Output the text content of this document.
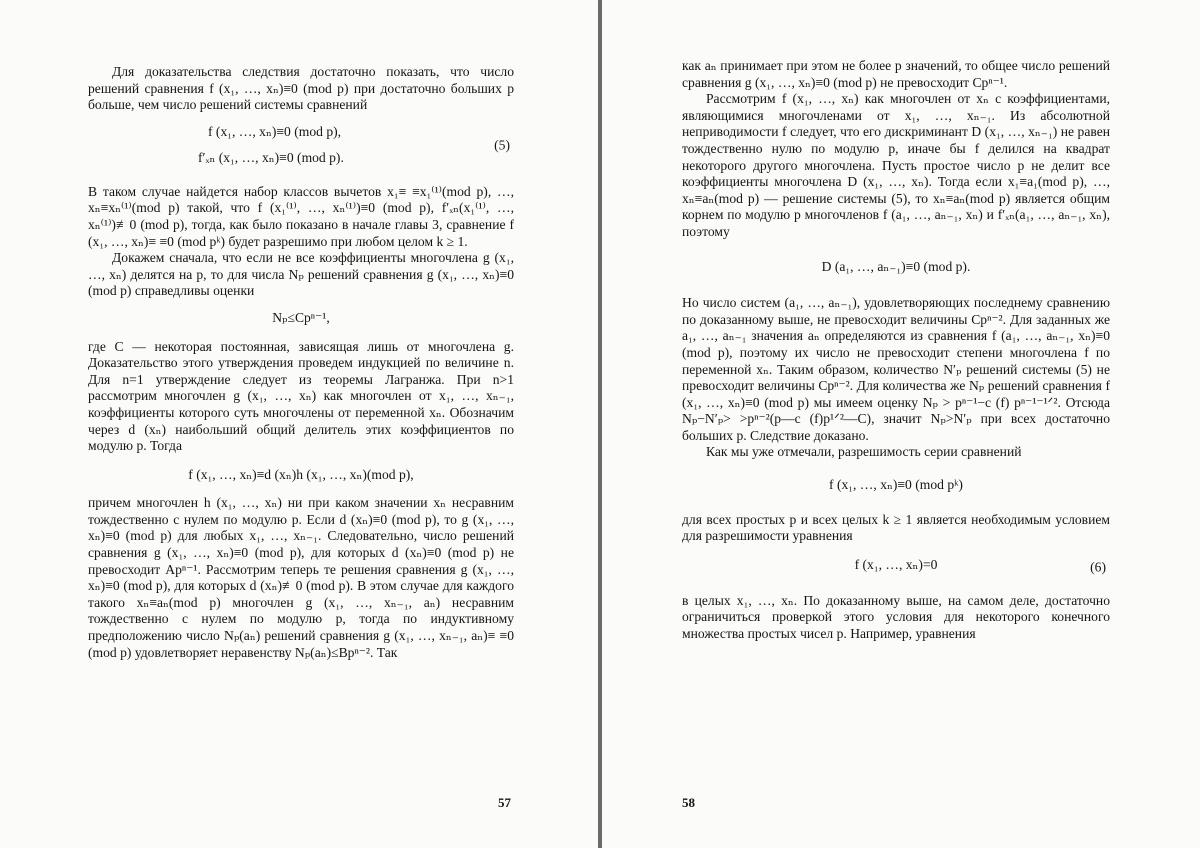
Для доказательства следствия достаточно показать, что число решений сравнения f (x₁, …, xₙ)≡0 (mod p) при достаточно больших p больше, чем число решений системы сравнений

f (x₁, …, xₙ)≡0 (mod p),
f′ₓₙ (x₁, …, xₙ)≡0 (mod p).
(5)

В таком случае найдется набор классов вычетов x₁≡ ≡x₁⁽¹⁾(mod p), …, xₙ≡xₙ⁽¹⁾(mod p) такой, что f (x₁⁽¹⁾, …, xₙ⁽¹⁾)≡0 (mod p), f′ₓₙ(x₁⁽¹⁾, …, xₙ⁽¹⁾)≢0 (mod p), тогда, как было показано в начале главы 3, сравнение f (x₁, …, xₙ)≡ ≡0 (mod pᵏ) будет разрешимо при любом целом k ≥ 1.

Докажем сначала, что если не все коэффициенты многочлена g (x₁, …, xₙ) делятся на p, то для числа Nₚ решений сравнения g (x₁, …, xₙ)≡0 (mod p) справедливы оценки

Nₚ≤Cpⁿ⁻¹,

где C — некоторая постоянная, зависящая лишь от многочлена g. Доказательство этого утверждения проведем индукцией по величине n. Для n=1 утверждение следует из теоремы Лагранжа. При n>1 рассмотрим многочлен g (x₁, …, xₙ) как многочлен от x₁, …, xₙ₋₁, коэффициенты которого суть многочлены от переменной xₙ. Обозначим через d (xₙ) наибольший общий делитель этих коэффициентов по модулю p. Тогда

f (x₁, …, xₙ)≡d (xₙ)h (x₁, …, xₙ)(mod p),

причем многочлен h (x₁, …, xₙ) ни при каком значении xₙ несравним тождественно с нулем по модулю p. Если d (xₙ)≡0 (mod p), то g (x₁, …, xₙ)≡0 (mod p) для любых x₁, …, xₙ₋₁. Следовательно, число решений сравнения g (x₁, …, xₙ)≡0 (mod p), для которых d (xₙ)≡0 (mod p) не превосходит Apⁿ⁻¹. Рассмотрим теперь те решения сравнения g (x₁, …, xₙ)≡0 (mod p), для которых d (xₙ)≢0 (mod p). В этом случае для каждого такого xₙ≡aₙ(mod p) многочлен g (x₁, …, xₙ₋₁, aₙ) несравним тождественно с нулем по модулю p, тогда по индуктивному предположению число Nₚ(aₙ) решений сравнения g (x₁, …, xₙ₋₁, aₙ)≡ ≡0 (mod p) удовлетворяет неравенству Nₚ(aₙ)≤Bpⁿ⁻². Так

57

как aₙ принимает при этом не более p значений, то общее число решений сравнения g (x₁, …, xₙ)≡0 (mod p) не превосходит Cpⁿ⁻¹.

Рассмотрим f (x₁, …, xₙ) как многочлен от xₙ с коэффициентами, являющимися многочленами от x₁, …, xₙ₋₁. Из абсолютной неприводимости f следует, что его дискриминант D (x₁, …, xₙ₋₁) не равен тождественно нулю по модулю p, иначе бы f делился на квадрат некоторого другого многочлена. Пусть простое число p не делит все коэффициенты многочлена D (x₁, …, xₙ). Тогда если x₁≡a₁(mod p), …, xₙ≡aₙ(mod p) — решение системы (5), то xₙ≡aₙ(mod p) является общим корнем по модулю p многочленов f (a₁, …, aₙ₋₁, xₙ) и f′ₓₙ(a₁, …, aₙ₋₁, xₙ), поэтому

D (a₁, …, aₙ₋₁)≡0 (mod p).

Но число систем (a₁, …, aₙ₋₁), удовлетворяющих последнему сравнению по доказанному выше, не превосходит величины Cpⁿ⁻². Для заданных же a₁, …, aₙ₋₁ значения aₙ определяются из сравнения f (a₁, …, aₙ₋₁, xₙ)≡0 (mod p), поэтому их число не превосходит степени многочлена f по переменной xₙ. Таким образом, количество N′ₚ решений системы (5) не превосходит величины Cpⁿ⁻². Для количества же Nₚ решений сравнения f (x₁, …, xₙ)≡0 (mod p) мы имеем оценку Nₚ > pⁿ⁻¹−c (f) pⁿ⁻¹⁻¹ᐟ². Отсюда Nₚ−N′ₚ> >pⁿ⁻²(p—c (f)p¹ᐟ²—C), значит Nₚ>N′ₚ при всех достаточно больших p. Следствие доказано.

Как мы уже отмечали, разрешимость серии сравнений

f (x₁, …, xₙ)≡0 (mod pᵏ)

для всех простых p и всех целых k ≥ 1 является необходимым условием для разрешимости уравнения

f (x₁, …, xₙ)=0	(6)

в целых x₁, …, xₙ. По доказанному выше, на самом деле, достаточно ограничиться проверкой этого условия для некоторого конечного множества простых чисел p. Например, уравнения

58
